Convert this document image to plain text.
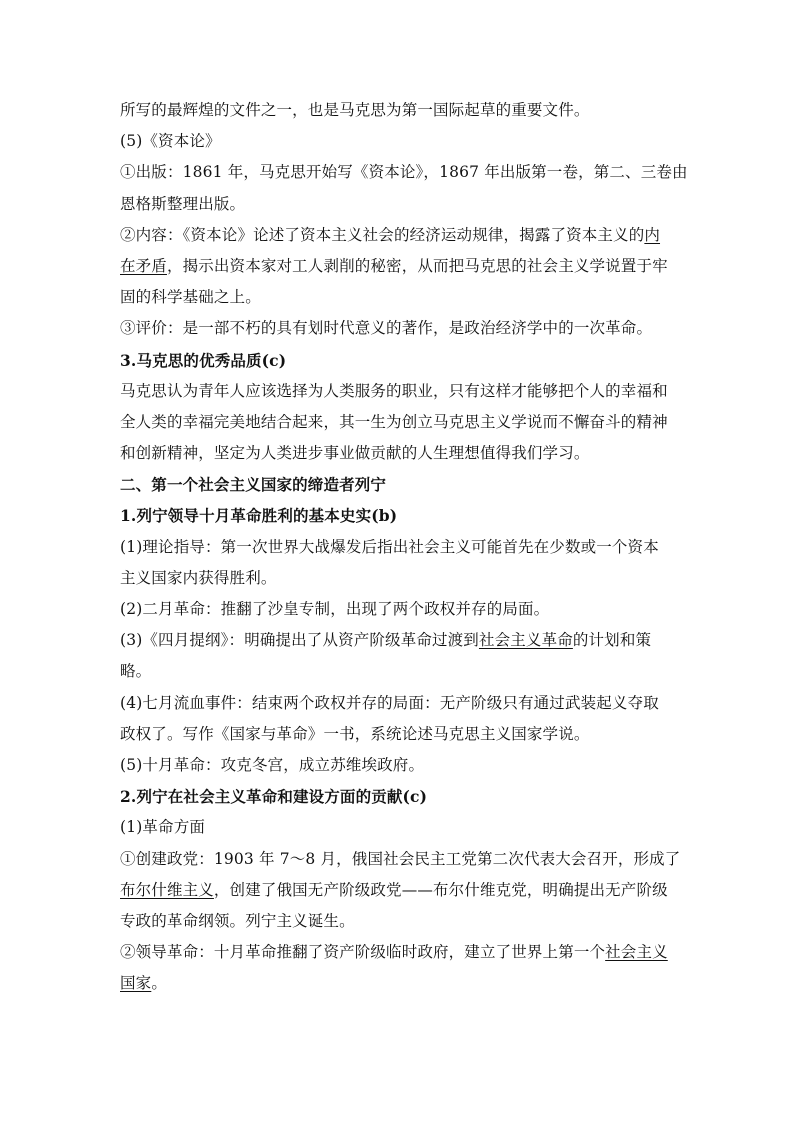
所写的最辉煌的文件之一，也是马克思为第一国际起草的重要文件。
(5)《资本论》
①出版：1861 年，马克思开始写《资本论》，1867 年出版第一卷，第二、三卷由
恩格斯整理出版。
②内容：《资本论》论述了资本主义社会的经济运动规律，揭露了资本主义的内
在矛盾，揭示出资本家对工人剥削的秘密，从而把马克思的社会主义学说置于牢
固的科学基础之上。
③评价：是一部不朽的具有划时代意义的著作，是政治经济学中的一次革命。
3.马克思的优秀品质(c)
马克思认为青年人应该选择为人类服务的职业，只有这样才能够把个人的幸福和
全人类的幸福完美地结合起来，其一生为创立马克思主义学说而不懈奋斗的精神
和创新精神，坚定为人类进步事业做贡献的人生理想值得我们学习。
二、第一个社会主义国家的缔造者列宁
1.列宁领导十月革命胜利的基本史实(b)
(1)理论指导：第一次世界大战爆发后指出社会主义可能首先在少数或一个资本
主义国家内获得胜利。
(2)二月革命：推翻了沙皇专制，出现了两个政权并存的局面。
(3)《四月提纲》：明确提出了从资产阶级革命过渡到社会主义革命的计划和策
略。
(4)七月流血事件：结束两个政权并存的局面：无产阶级只有通过武装起义夺取
政权了。写作《国家与革命》一书，系统论述马克思主义国家学说。
(5)十月革命：攻克冬宫，成立苏维埃政府。
2.列宁在社会主义革命和建设方面的贡献(c)
(1)革命方面
①创建政党：1903 年 7～8 月，俄国社会民主工党第二次代表大会召开，形成了
布尔什维主义，创建了俄国无产阶级政党——布尔什维克党，明确提出无产阶级
专政的革命纲领。列宁主义诞生。
②领导革命：十月革命推翻了资产阶级临时政府，建立了世界上第一个社会主义
国家。
